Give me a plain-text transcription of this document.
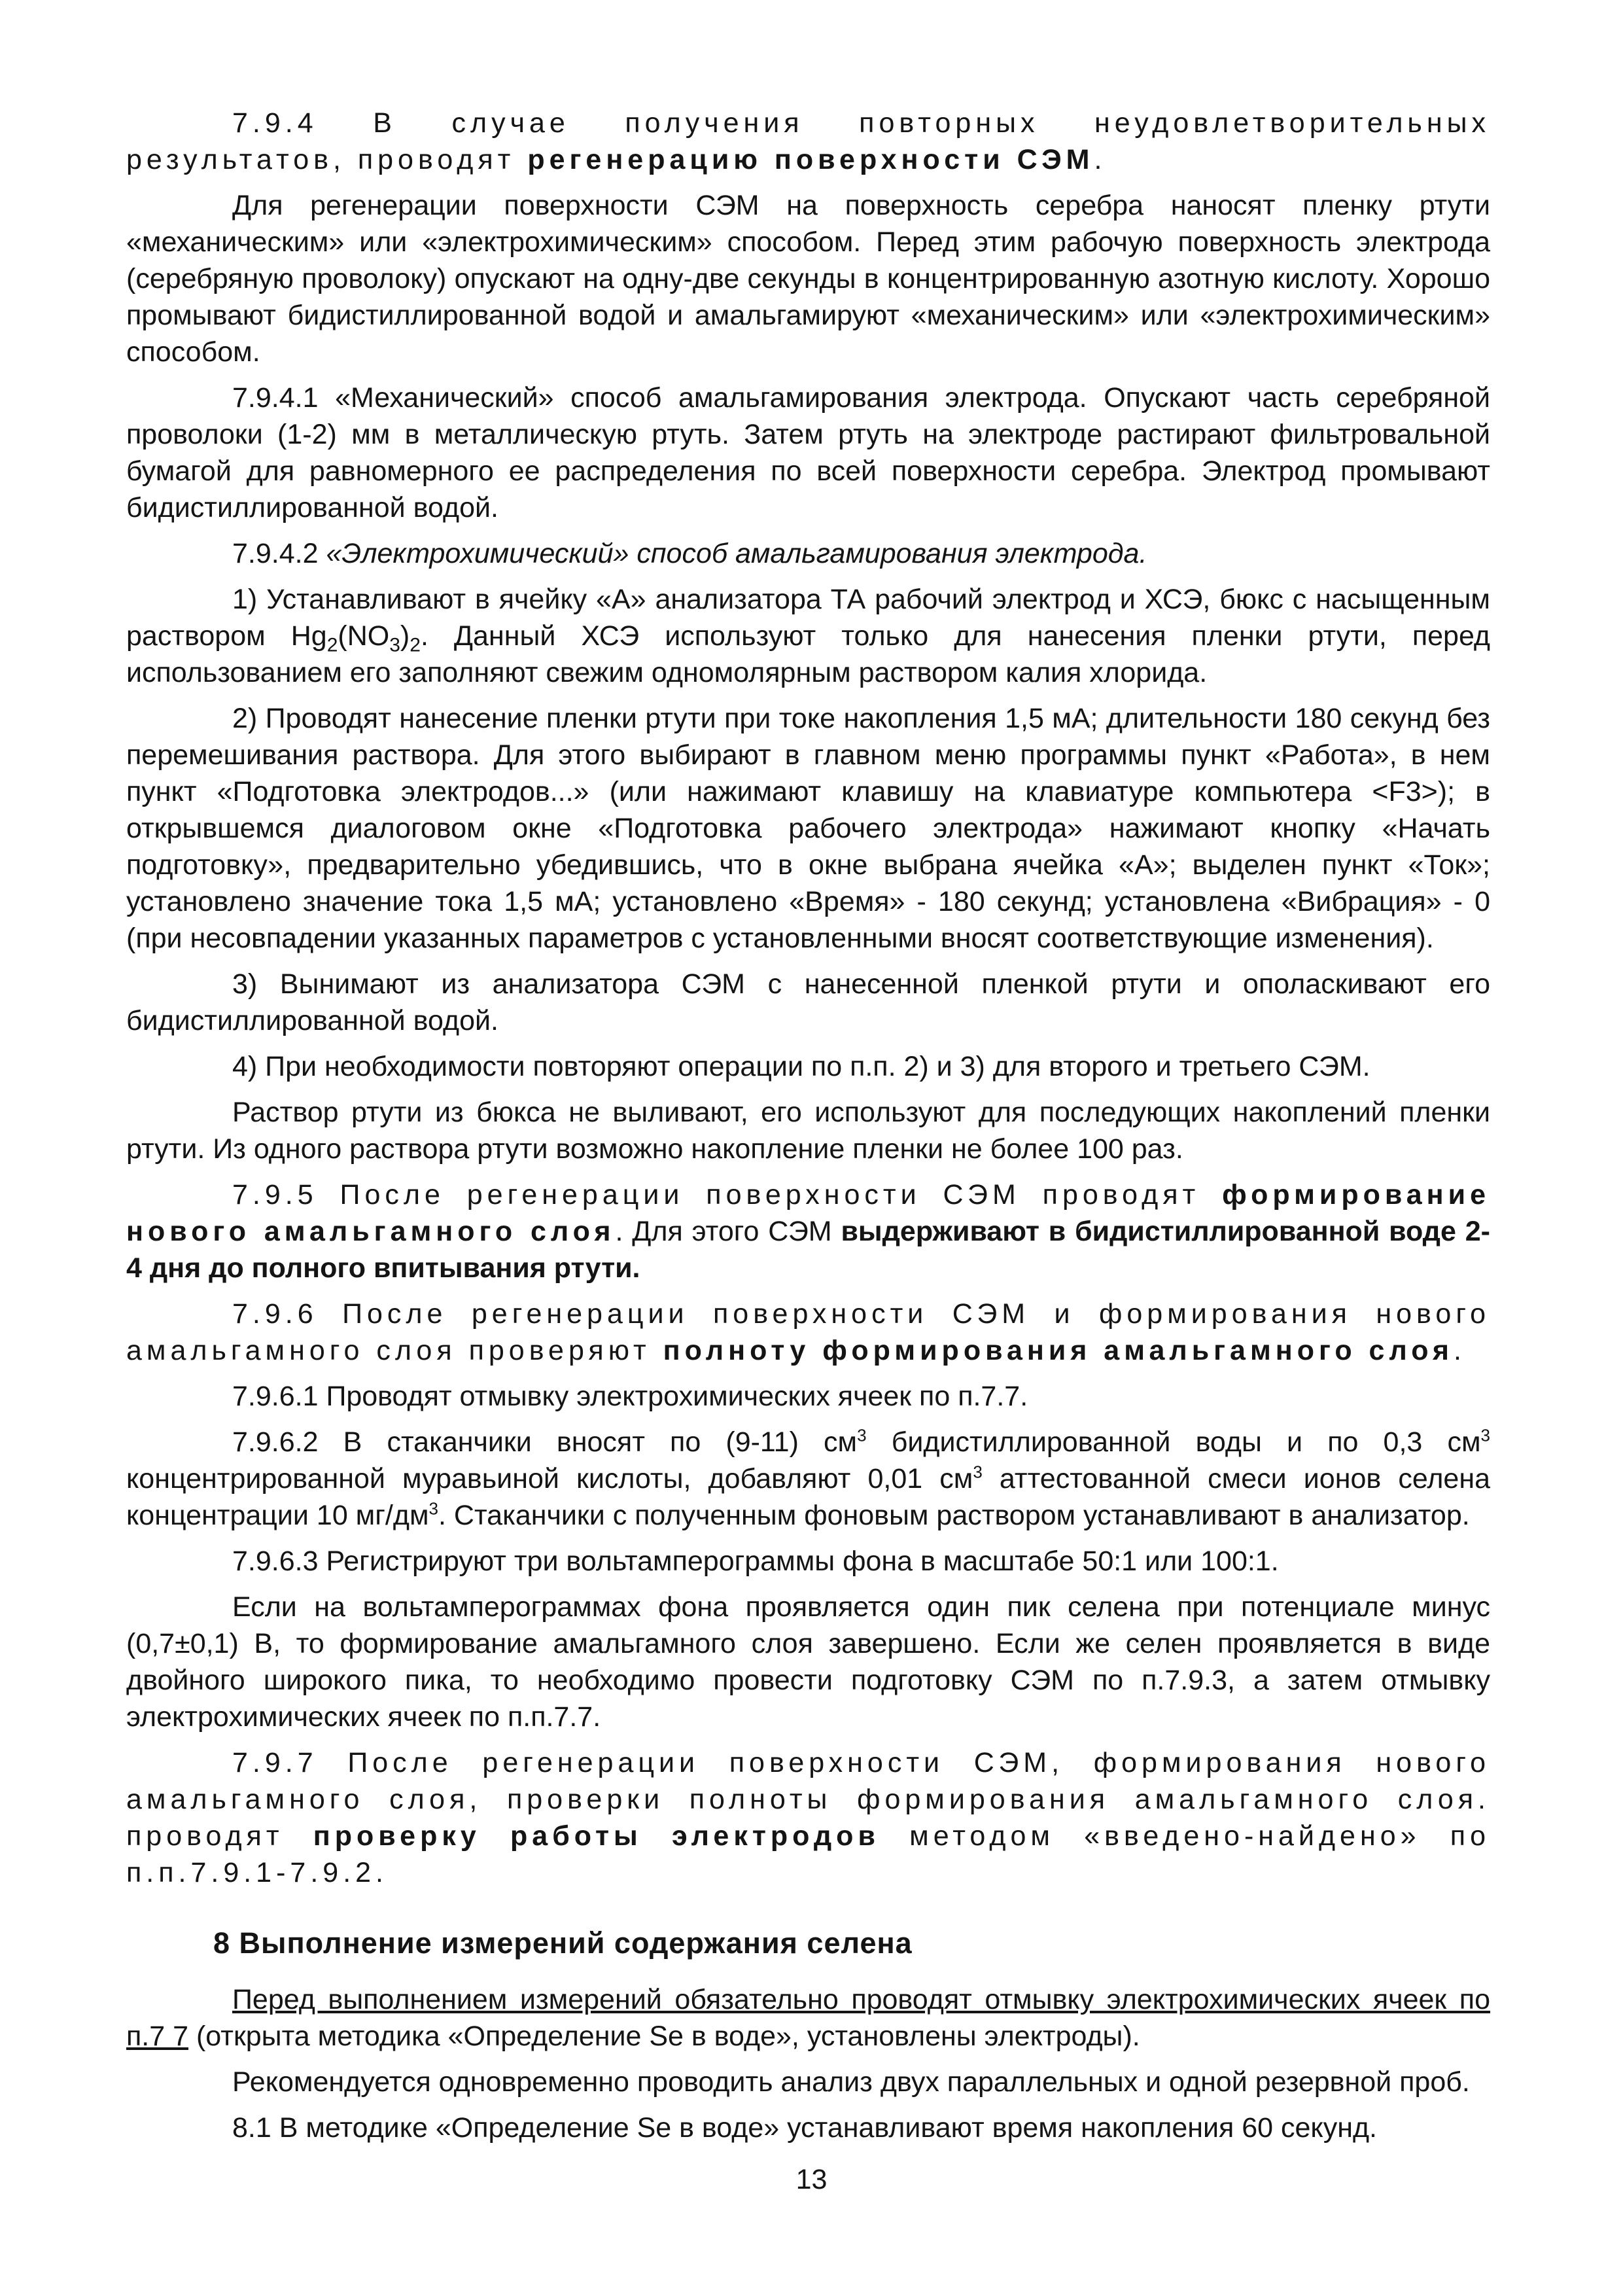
7.9.4 В случае получения повторных неудовлетворительных результатов, проводят регенерацию поверхности СЭМ.

Для регенерации поверхности СЭМ на поверхность серебра наносят пленку ртути «механическим» или «электрохимическим» способом. Перед этим рабочую поверхность электрода (серебряную проволоку) опускают на одну-две секунды в концентрированную азотную кислоту. Хорошо промывают бидистиллированной водой и амальгамируют «механическим» или «электрохимическим» способом.

7.9.4.1 «Механический» способ амальгамирования электрода. Опускают часть серебряной проволоки (1-2) мм в металлическую ртуть. Затем ртуть на электроде растирают фильтровальной бумагой для равномерного ее распределения по всей поверхности серебра. Электрод промывают бидистиллированной водой.

7.9.4.2 «Электрохимический» способ амальгамирования электрода.

1) Устанавливают в ячейку «А» анализатора ТА рабочий электрод и ХСЭ, бюкс с насыщенным раствором $Hg_2(NO_3)_2$. Данный ХСЭ используют только для нанесения пленки ртути, перед использованием его заполняют свежим одномолярным раствором калия хлорида.

2) Проводят нанесение пленки ртути при токе накопления 1,5 мА; длительности 180 секунд без перемешивания раствора. Для этого выбирают в главном меню программы пункт «Работа», в нем пункт «Подготовка электродов...» (или нажимают клавишу на клавиатуре компьютера <F3>); в открывшемся диалоговом окне «Подготовка рабочего электрода» нажимают кнопку «Начать подготовку», предварительно убедившись, что в окне выбрана ячейка «А»; выделен пункт «Ток»; установлено значение тока 1,5 мА; установлено «Время» - 180 секунд; установлена «Вибрация» - 0 (при несовпадении указанных параметров с установленными вносят соответствующие изменения).

3) Вынимают из анализатора СЭМ с нанесенной пленкой ртути и ополаскивают его бидистиллированной водой.

4) При необходимости повторяют операции по п.п. 2) и 3) для второго и третьего СЭМ.

Раствор ртути из бюкса не выливают, его используют для последующих накоплений пленки ртути. Из одного раствора ртути возможно накопление пленки не более 100 раз.

7.9.5 После регенерации поверхности СЭМ проводят формирование нового амальгамного слоя. Для этого СЭМ выдерживают в бидистиллированной воде 2-4 дня до полного впитывания ртути.

7.9.6 После регенерации поверхности СЭМ и формирования нового амальгамного слоя проверяют полноту формирования амальгамного слоя.

7.9.6.1 Проводят отмывку электрохимических ячеек по п.7.7.

7.9.6.2 В стаканчики вносят по (9-11) $см^3$ бидистиллированной воды и по 0,3 $см^3$ концентрированной муравьиной кислоты, добавляют 0,01 $см^3$ аттестованной смеси ионов селена концентрации 10 $мг/дм^3$. Стаканчики с полученным фоновым раствором устанавливают в анализатор.

7.9.6.3 Регистрируют три вольтамперограммы фона в масштабе 50:1 или 100:1.

Если на вольтамперограммах фона проявляется один пик селена при потенциале минус (0,7±0,1) В, то формирование амальгамного слоя завершено. Если же селен проявляется в виде двойного широкого пика, то необходимо провести подготовку СЭМ по п.7.9.3, а затем отмывку электрохимических ячеек по п.п.7.7.

7.9.7 После регенерации поверхности СЭМ, формирования нового амальгамного слоя, проверки полноты формирования амальгамного слоя. проводят проверку работы электродов методом «введено-найдено» по п.п.7.9.1-7.9.2.

8 Выполнение измерений содержания селена

Перед выполнением измерений обязательно проводят отмывку электрохимических ячеек по п.7 7 (открыта методика «Определение Se в воде», установлены электроды).

Рекомендуется одновременно проводить анализ двух параллельных и одной резервной проб.

8.1 В методике «Определение Se в воде» устанавливают время накопления 60 секунд.

13
